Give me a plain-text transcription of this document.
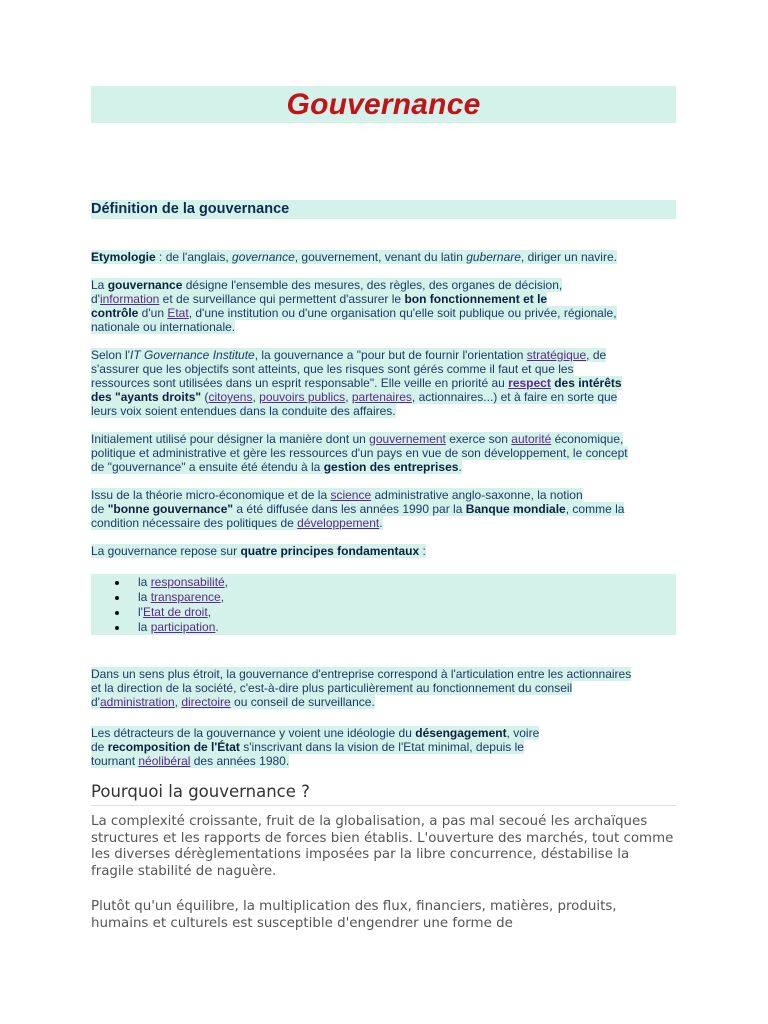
Gouvernance
Définition de la gouvernance
Etymologie : de l'anglais, governance, gouvernement, venant du latin gubernare, diriger un navire.
La gouvernance désigne l'ensemble des mesures, des règles, des organes de décision,
d'information et de surveillance qui permettent d'assurer le bon fonctionnement et le
contrôle d'un Etat, d'une institution ou d'une organisation qu'elle soit publique ou privée, régionale,
nationale ou internationale.
Selon l'IT Governance Institute, la gouvernance a "pour but de fournir l'orientation stratégique, de
s'assurer que les objectifs sont atteints, que les risques sont gérés comme il faut et que les
ressources sont utilisées dans un esprit responsable". Elle veille en priorité au respect des intérêts
des "ayants droits" (citoyens, pouvoirs publics, partenaires, actionnaires...) et à faire en sorte que
leurs voix soient entendues dans la conduite des affaires.
Initialement utilisé pour désigner la manière dont un gouvernement exerce son autorité économique,
politique et administrative et gère les ressources d'un pays en vue de son développement, le concept
de "gouvernance" a ensuite été étendu à la gestion des entreprises.
Issu de la théorie micro-économique et de la science administrative anglo-saxonne, la notion
de "bonne gouvernance" a été diffusée dans les années 1990 par la Banque mondiale, comme la
condition nécessaire des politiques de développement.
La gouvernance repose sur quatre principes fondamentaux :
la responsabilité,
la transparence,
l'Etat de droit,
la participation.
Dans un sens plus étroit, la gouvernance d'entreprise correspond à l'articulation entre les actionnaires
et la direction de la société, c'est-à-dire plus particulièrement au fonctionnement du conseil
d'administration, directoire ou conseil de surveillance.
Les détracteurs de la gouvernance y voient une idéologie du désengagement, voire
de recomposition de l'État s'inscrivant dans la vision de l'Etat minimal, depuis le
tournant néolibéral des années 1980.
Pourquoi la gouvernance ?
La complexité croissante, fruit de la globalisation, a pas mal secoué les archaïques structures et les rapports de forces bien établis. L'ouverture des marchés, tout comme les diverses dérèglementations imposées par la libre concurrence, déstabilise la fragile stabilité de naguère.
Plutôt qu'un équilibre, la multiplication des flux, financiers, matières, produits, humains et culturels est susceptible d'engendrer une forme de
